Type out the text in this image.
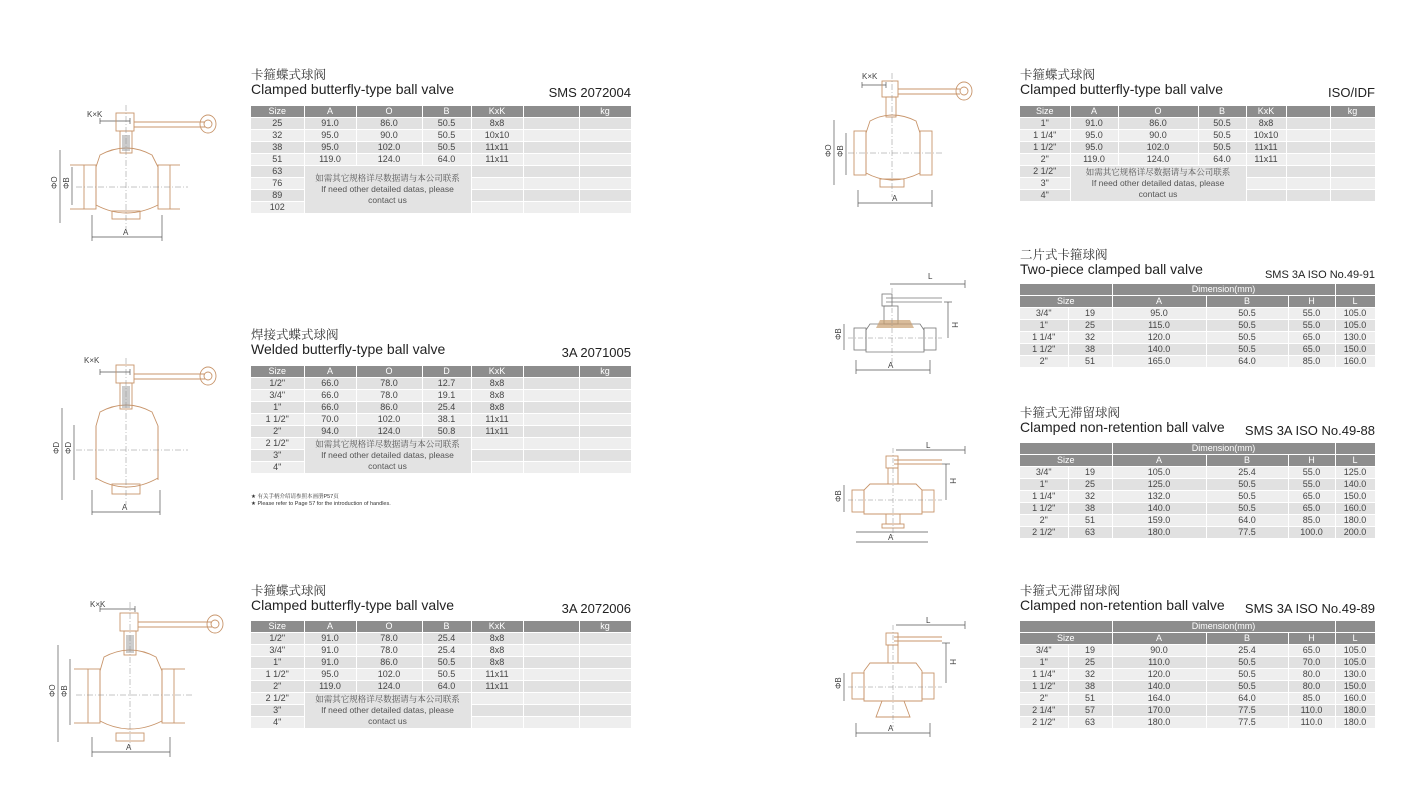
K×K
A
ΦO ΦB
卡箍蝶式球阀
Clamped butterfly-type ball valve	SMS 2072004
Size	A	O	B	KxK		kg
25	91.0	86.0	50.5	8x8		
32	95.0	90.0	50.5	10x10		
38	95.0	102.0	50.5	11x11		
51	119.0	124.0	64.0	11x11		
63	如需其它规格详尽数据请与本公司联系
If need other detailed datas, please
contact us					

76						
89						
102						
K×K
A
ΦD ΦD
焊接式蝶式球阀
Welded butterfly-type ball valve	3A 2071005
Size	A	O	D	KxK		kg
1/2"	66.0	78.0	12.7	8x8		
3/4"	66.0	78.0	19.1	8x8		
1"	66.0	86.0	25.4	8x8		
1 1/2"	70.0	102.0	38.1	11x11		
2"	94.0	124.0	50.8	11x11		
2 1/2"	如需其它规格详尽数据请与本公司联系
If need other detailed datas, please
contact us					

3"						
4"						
★ 有关手柄介绍请参照本画册P57页
★ Please refer to Page 57 for the introduction of handles.
K×K
A
ΦO ΦB
卡箍蝶式球阀
Clamped butterfly-type ball valve	3A 2072006
Size	A	O	B	KxK		kg
1/2"	91.0	78.0	25.4	8x8		
3/4"	91.0	78.0	25.4	8x8		
1"	91.0	86.0	50.5	8x8		
1 1/2"	95.0	102.0	50.5	11x11		
2"	119.0	124.0	64.0	11x11		
2 1/2"	如需其它规格详尽数据请与本公司联系
If need other detailed datas, please
contact us					

3"						
4"						
K×K
A
ΦO ΦB
卡箍蝶式球阀
Clamped butterfly-type ball valve	ISO/IDF
Size	A	O	B	KxK		kg
1"	91.0	86.0	50.5	8x8		
1 1/4"	95.0	90.0	50.5	10x10		
1 1/2"	95.0	102.0	50.5	11x11		
2"	119.0	124.0	64.0	11x11		
2 1/2"	如需其它规格详尽数据请与本公司联系
If need other detailed datas, please
contact us					

3"						
4"						
L
H
ΦB
A
二片式卡箍球阀
Two-piece clamped ball valve	SMS 3A ISO No.49-91
		Dimension(mm)			
Size		A	B	H	L
3/4"	19	95.0	50.5	55.0	105.0
1"	25	115.0	50.5	55.0	105.0
1 1/4"	32	120.0	50.5	65.0	130.0
1 1/2"	38	140.0	50.5	65.0	150.0
2"	51	165.0	64.0	85.0	160.0
L
H
ΦB
A
卡箍式无滞留球阀
Clamped non-retention ball valve	SMS 3A ISO No.49-88
		Dimension(mm)			
Size		A	B	H	L
3/4"	19	105.0	25.4	55.0	125.0
1"	25	125.0	50.5	55.0	140.0
1 1/4"	32	132.0	50.5	65.0	150.0
1 1/2"	38	140.0	50.5	65.0	160.0
2"	51	159.0	64.0	85.0	180.0
2 1/2"	63	180.0	77.5	100.0	200.0
L
H
ΦB
A
卡箍式无滞留球阀
Clamped non-retention ball valve	SMS 3A ISO No.49-89
		Dimension(mm)			
Size		A	B	H	L
3/4"	19	90.0	25.4	65.0	105.0
1"	25	110.0	50.5	70.0	105.0
1 1/4"	32	120.0	50.5	80.0	130.0
1 1/2"	38	140.0	50.5	80.0	150.0
2"	51	164.0	64.0	85.0	160.0
2 1/4"	57	170.0	77.5	110.0	180.0
2 1/2"	63	180.0	77.5	110.0	180.0
